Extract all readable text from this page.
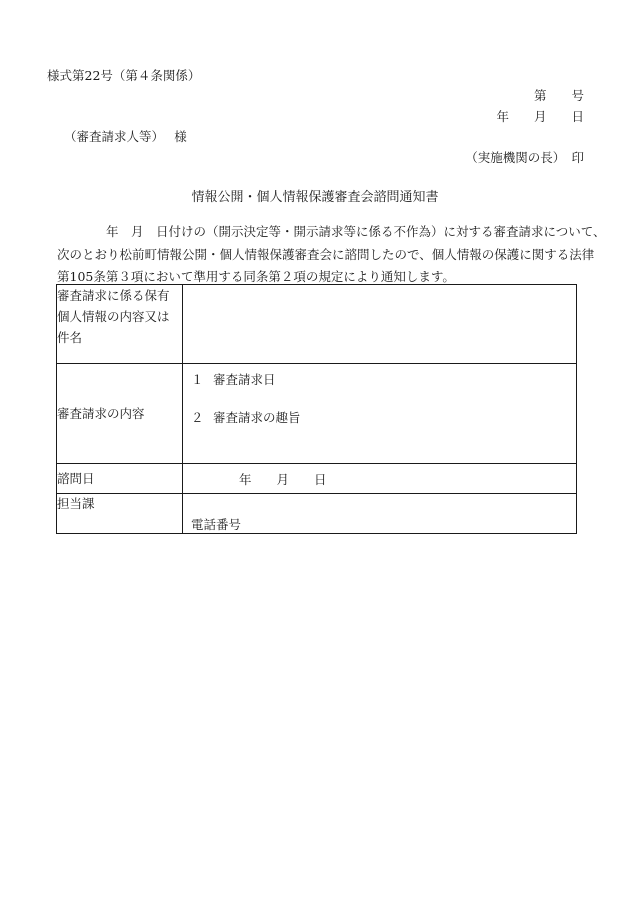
様式第22号（第４条関係）
第　　号
年　　月　　日
（審査請求人等）　 様
（実施機関の長）　印
情報公開・個人情報保護審査会諮問通知書
年　月　日付けの（開示決定等・開示請求等に係る不作為）に対する審査請求について、
次のとおり松前町情報公開・個人情報保護審査会に諮問したので、個人情報の保護に関する法律
第105条第３項において準用する同条第２項の規定により通知します。
審査請求に係る保有
個人情報の内容又は
件名	

審査請求の内容	１ 審査請求日
２ 審査請求の趣旨

諮問日	年　　月　　日
担当課	電話番号
